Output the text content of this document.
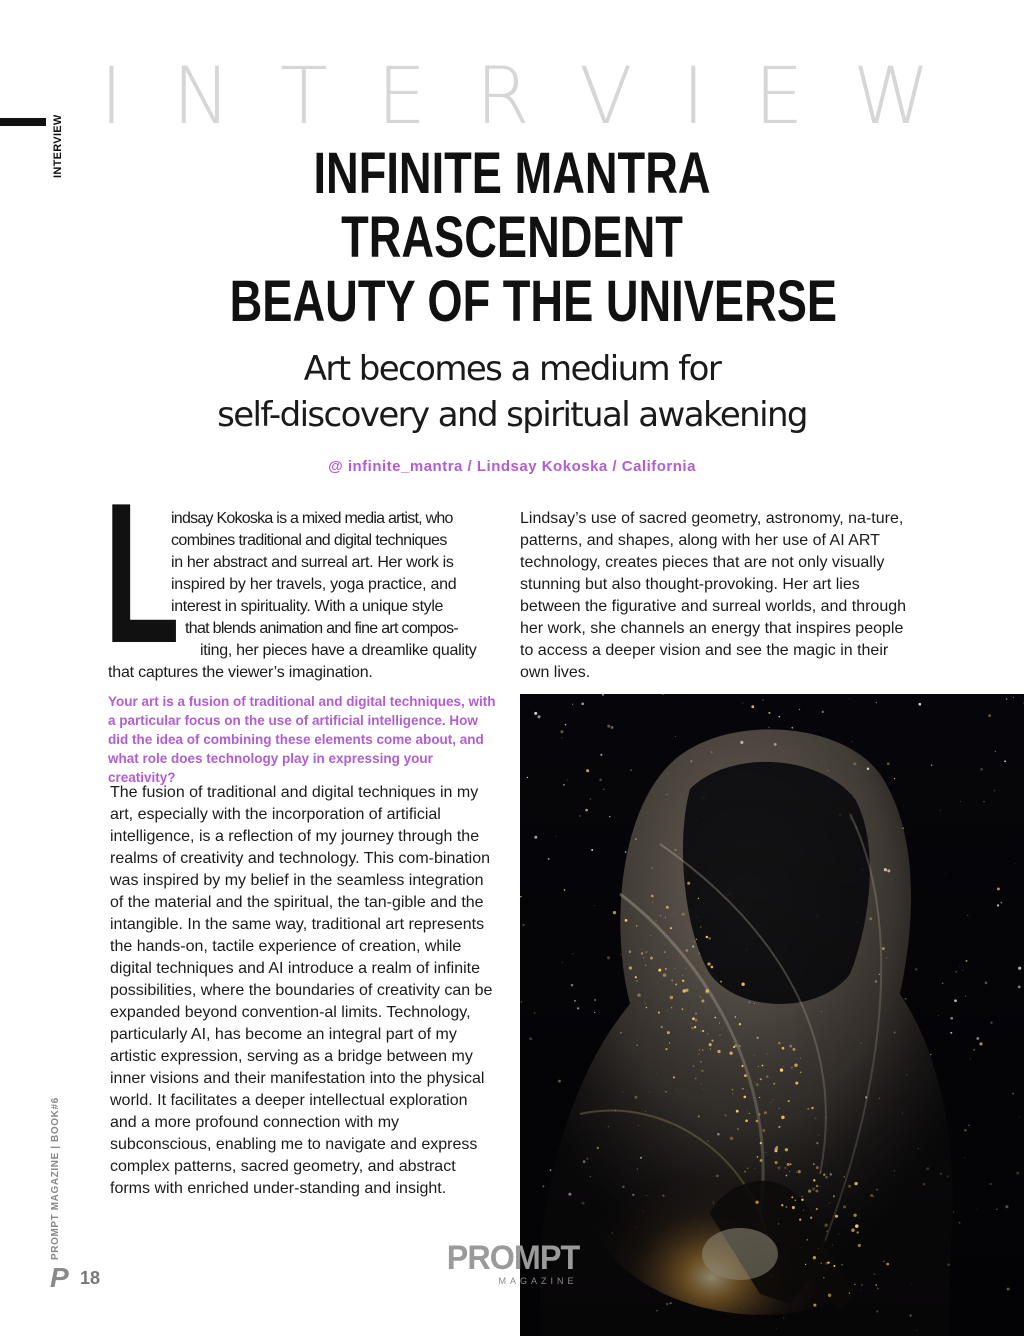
I N T E R V I E W
INTERVIEW	INFINITE MANTRA
TRASCENDENT
BEAUTY OF THE UNIVERSE
Art becomes a medium for
self-discovery and spiritual awakening
@ infinite_mantra / Lindsay Kokoska / California
L
indsay Kokoska is a mixed media artist, who
combines traditional and digital techniques
in her abstract and surreal art. Her work is
inspired by her travels, yoga practice, and
interest in spirituality. With a unique style
that blends animation and fine art compos-
iting, her pieces have a dreamlike quality
that captures the viewer’s imagination.
Lindsay’s use of sacred geometry, astronomy, na-ture, patterns, and shapes, along with her use of AI ART technology, creates pieces that are not only visually stunning but also thought-provoking. Her art lies between the figurative and surreal worlds, and through her work, she channels an energy that inspires people to access a deeper vision and see the magic in their own lives.
Your art is a fusion of traditional and digital techniques, with a particular focus on the use of artificial intelligence. How did the idea of combining these elements come about, and what role does technology play in expressing your creativity?
The fusion of traditional and digital techniques in my art, especially with the incorporation of artificial intelligence, is a reflection of my journey through the realms of creativity and technology. This com-bination was inspired by my belief in the seamless integration of the material and the spiritual, the tan-gible and the intangible. In the same way, traditional art represents the hands-on, tactile experience of creation, while digital techniques and AI introduce a realm of infinite possibilities, where the boundaries of creativity can be expanded beyond convention-al limits. Technology, particularly AI, has become an integral part of my artistic expression, serving as a bridge between my inner visions and their manifestation into the physical world. It facilitates a deeper intellectual exploration and a more profound connection with my subconscious, enabling me to navigate and express complex patterns, sacred geometry, and abstract forms with enriched under-standing and insight.
PROMPT MAGAZINE | BOOK#6
P 18
PROMPT
MAGAZINE
